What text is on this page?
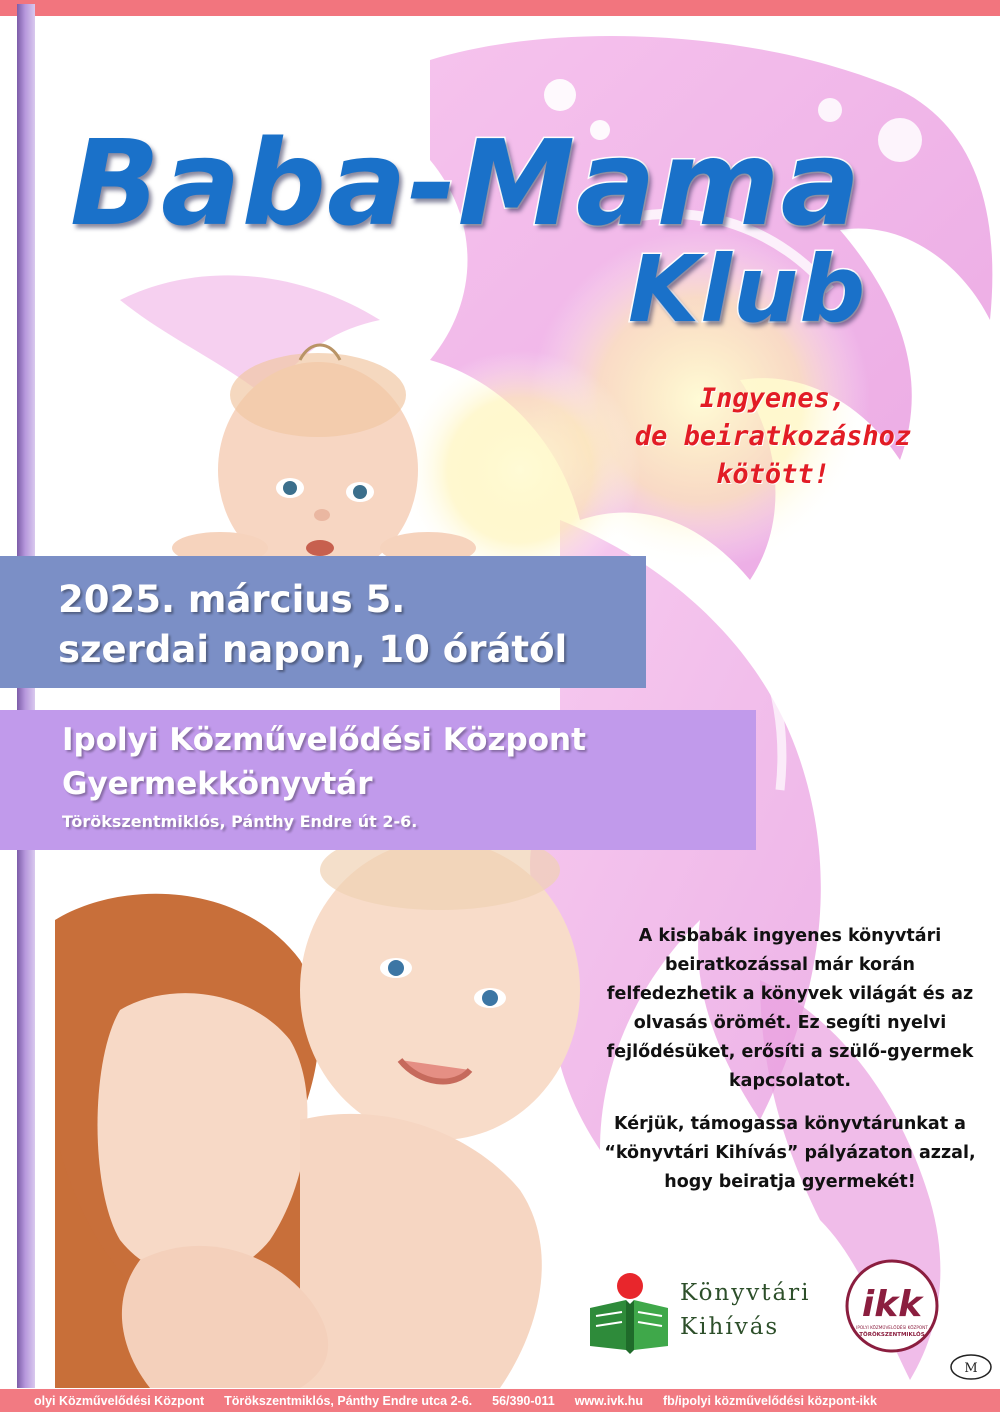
Baba-Mama
Klub
Ingyenes,
de beiratkozáshoz
kötött!
2025. március 5.
szerdai napon, 10 órától
Ipolyi Közművelődési Központ
Gyermekkönyvtár
Törökszentmiklós, Pánthy Endre út 2-6.

A kisbabák ingyenes könyvtári beiratkozással már korán felfedezhetik a könyvek világát és az olvasás örömét. Ez segíti nyelvi fejlődésüket, erősíti a szülő-gyermek kapcsolatot.

Kérjük, támogassa könyvtárunkat a “könyvtári Kihívás” pályázaton azzal, hogy beiratja gyermekét!

Könyvtári
Kihívás
ikk
IPOLYI KÖZMŰVELŐDÉSI KÖZPONT
TÖRÖKSZENTMIKLÓS
M
olyi Közművelődési Központ Törökszentmiklós, Pánthy Endre utca 2-6. 56/390-011 www.ivk.hu fb/ipolyi közművelődési központ-ikk
